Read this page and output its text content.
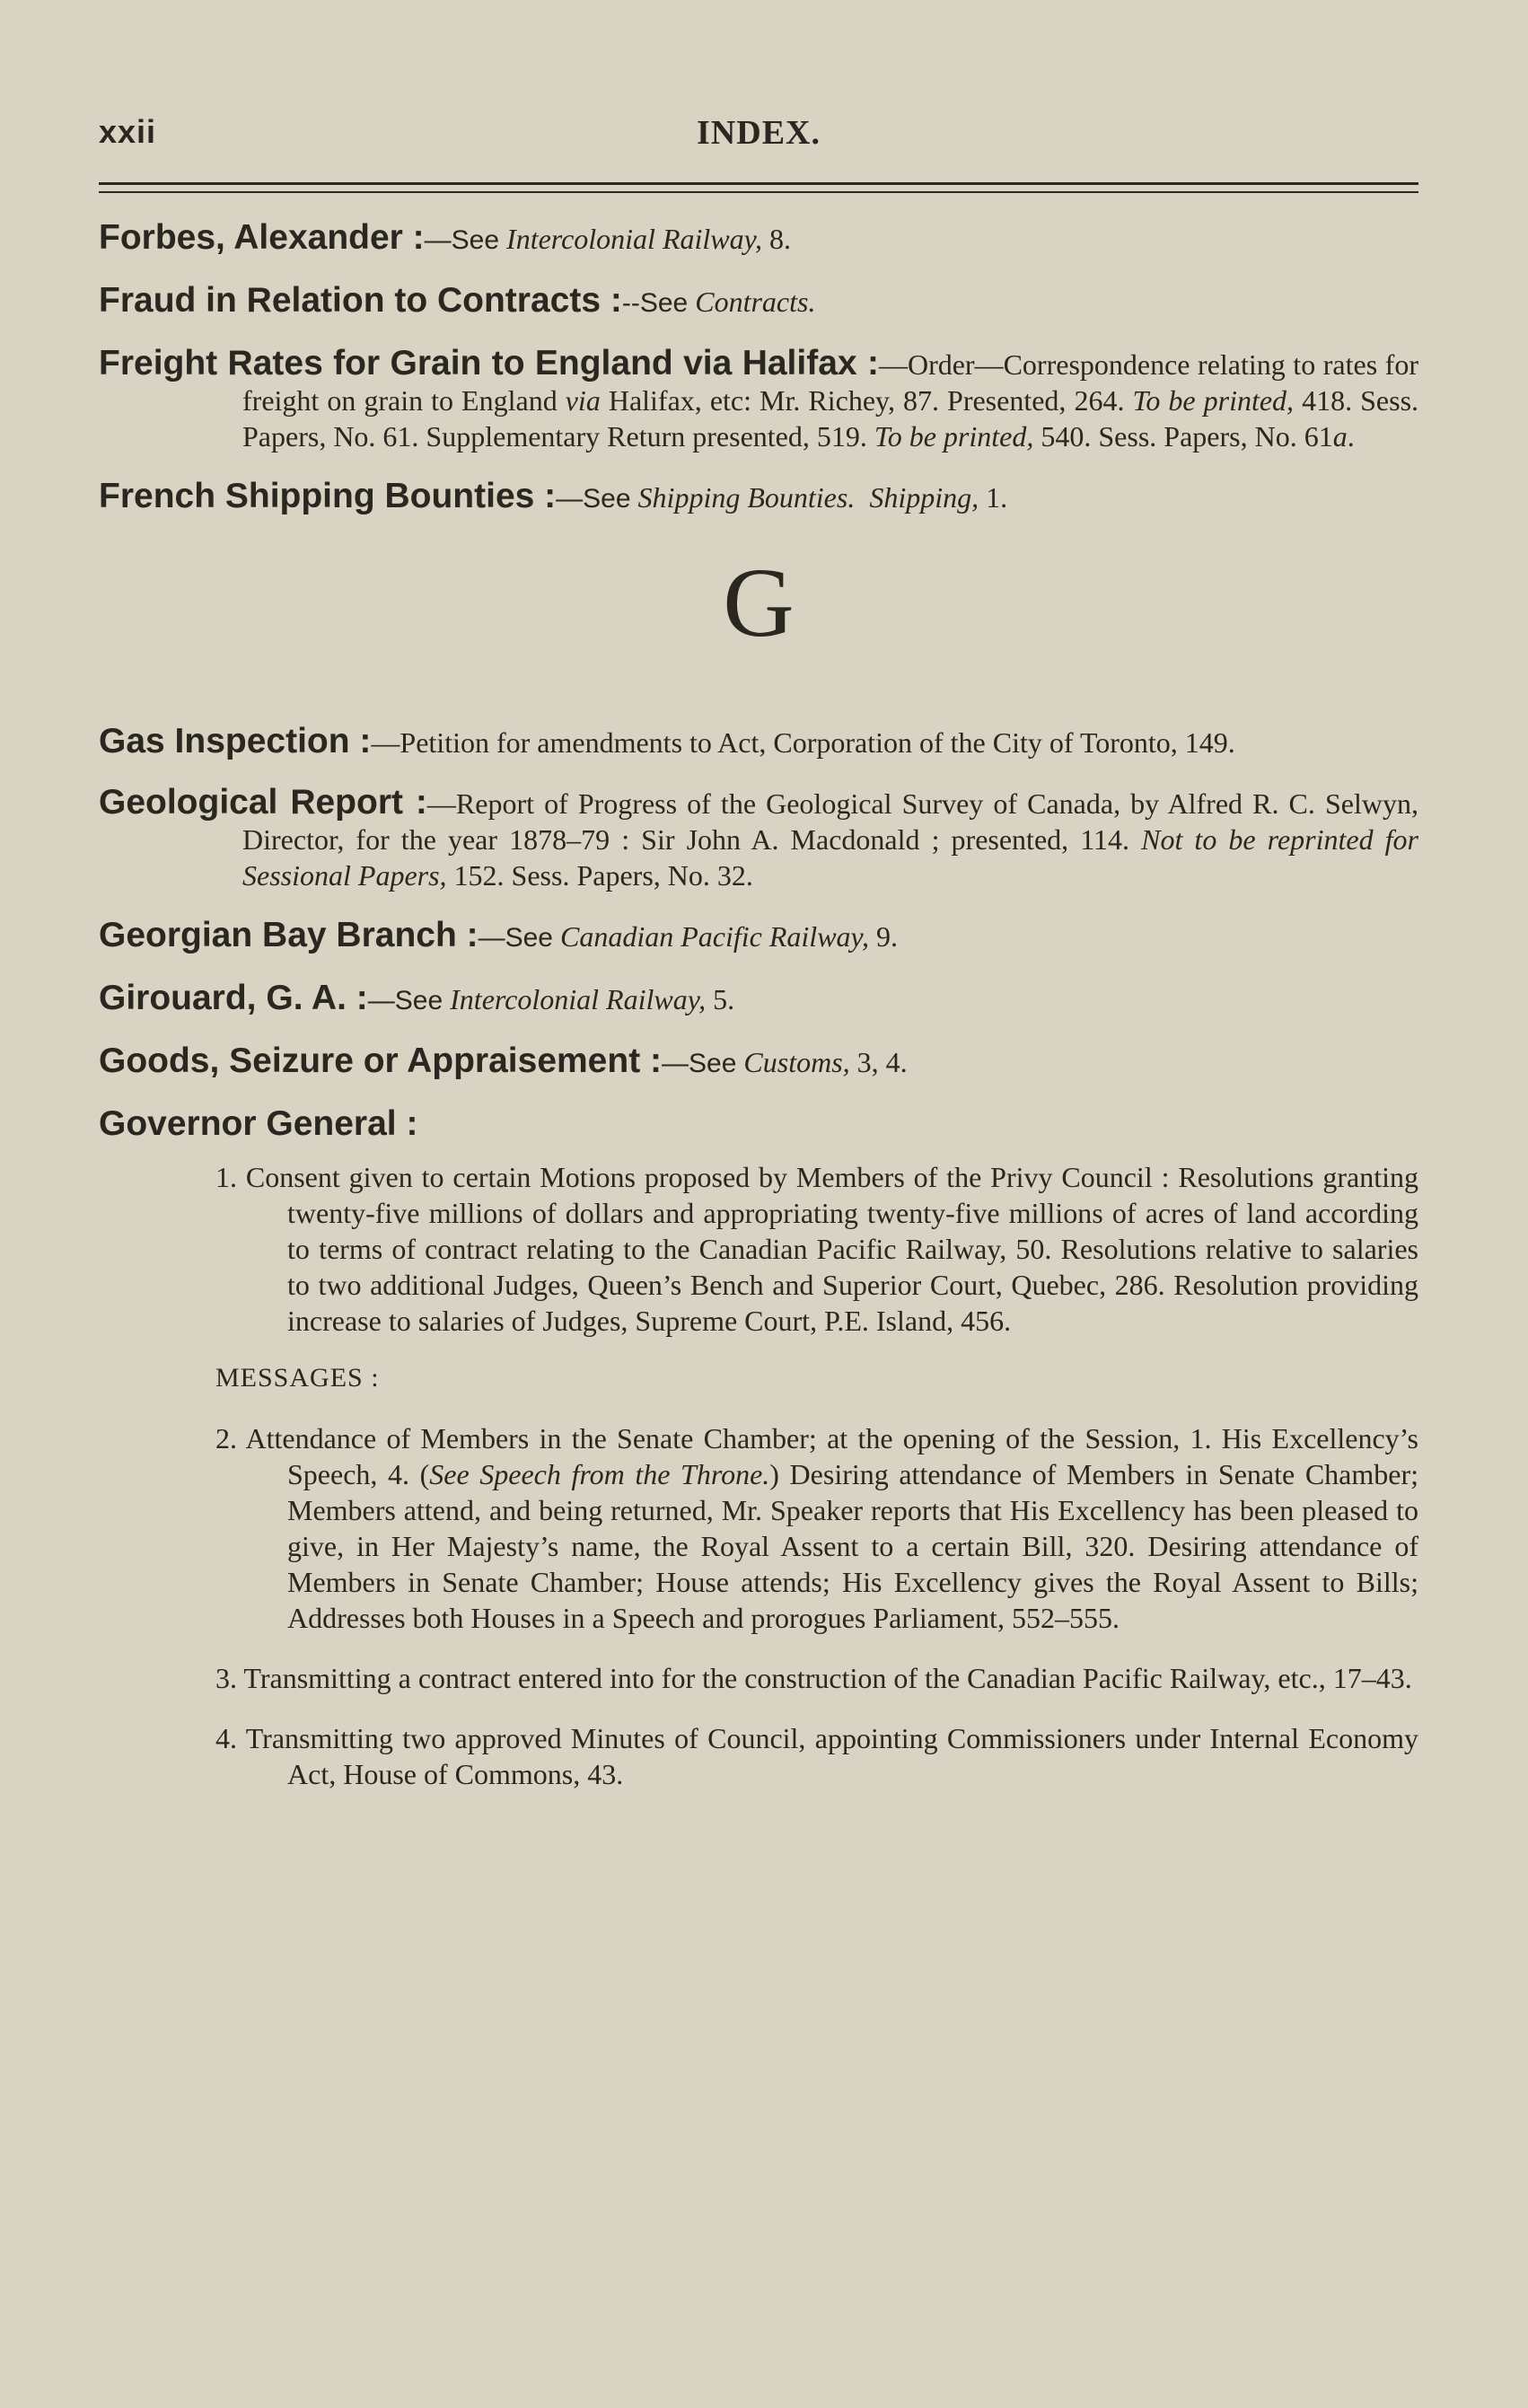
xxii	INDEX.

Forbes, Alexander :—See Intercolonial Railway, 8.

Fraud in Relation to Contracts :--See Contracts.

Freight Rates for Grain to England via Halifax :—Order—Correspondence relating to rates for freight on grain to England via Halifax, etc: Mr. Richey, 87. Presented, 264. To be printed, 418. Sess. Papers, No. 61. Supplementary Return presented, 519. To be printed, 540. Sess. Papers, No. 61a.

French Shipping Bounties :—See Shipping Bounties. Shipping, 1.

G

Gas Inspection :—Petition for amendments to Act, Corporation of the City of Toronto, 149.

Geological Report :—Report of Progress of the Geological Survey of Canada, by Alfred R. C. Selwyn, Director, for the year 1878–79 : Sir John A. Macdonald ; presented, 114. Not to be reprinted for Sessional Papers, 152. Sess. Papers, No. 32.

Georgian Bay Branch :—See Canadian Pacific Railway, 9.

Girouard, G. A. :—See Intercolonial Railway, 5.

Goods, Seizure or Appraisement :—See Customs, 3, 4.

Governor General :

1. Consent given to certain Motions proposed by Members of the Privy Council : Resolutions granting twenty-five millions of dollars and appropriating twenty-five millions of acres of land according to terms of contract relating to the Canadian Pacific Railway, 50. Resolutions relative to salaries to two additional Judges, Queen’s Bench and Superior Court, Quebec, 286. Resolution providing increase to salaries of Judges, Supreme Court, P.E. Island, 456.

MESSAGES :

2. Attendance of Members in the Senate Chamber; at the opening of the Session, 1. His Excellency’s Speech, 4. (See Speech from the Throne.) Desiring attendance of Members in Senate Chamber; Members attend, and being returned, Mr. Speaker reports that His Excellency has been pleased to give, in Her Majesty’s name, the Royal Assent to a certain Bill, 320. Desiring attendance of Members in Senate Chamber; House attends; His Excellency gives the Royal Assent to Bills; Addresses both Houses in a Speech and prorogues Parliament, 552–555.

3. Transmitting a contract entered into for the construction of the Canadian Pacific Railway, etc., 17–43.

4. Transmitting two approved Minutes of Council, appointing Commissioners under Internal Economy Act, House of Commons, 43.
